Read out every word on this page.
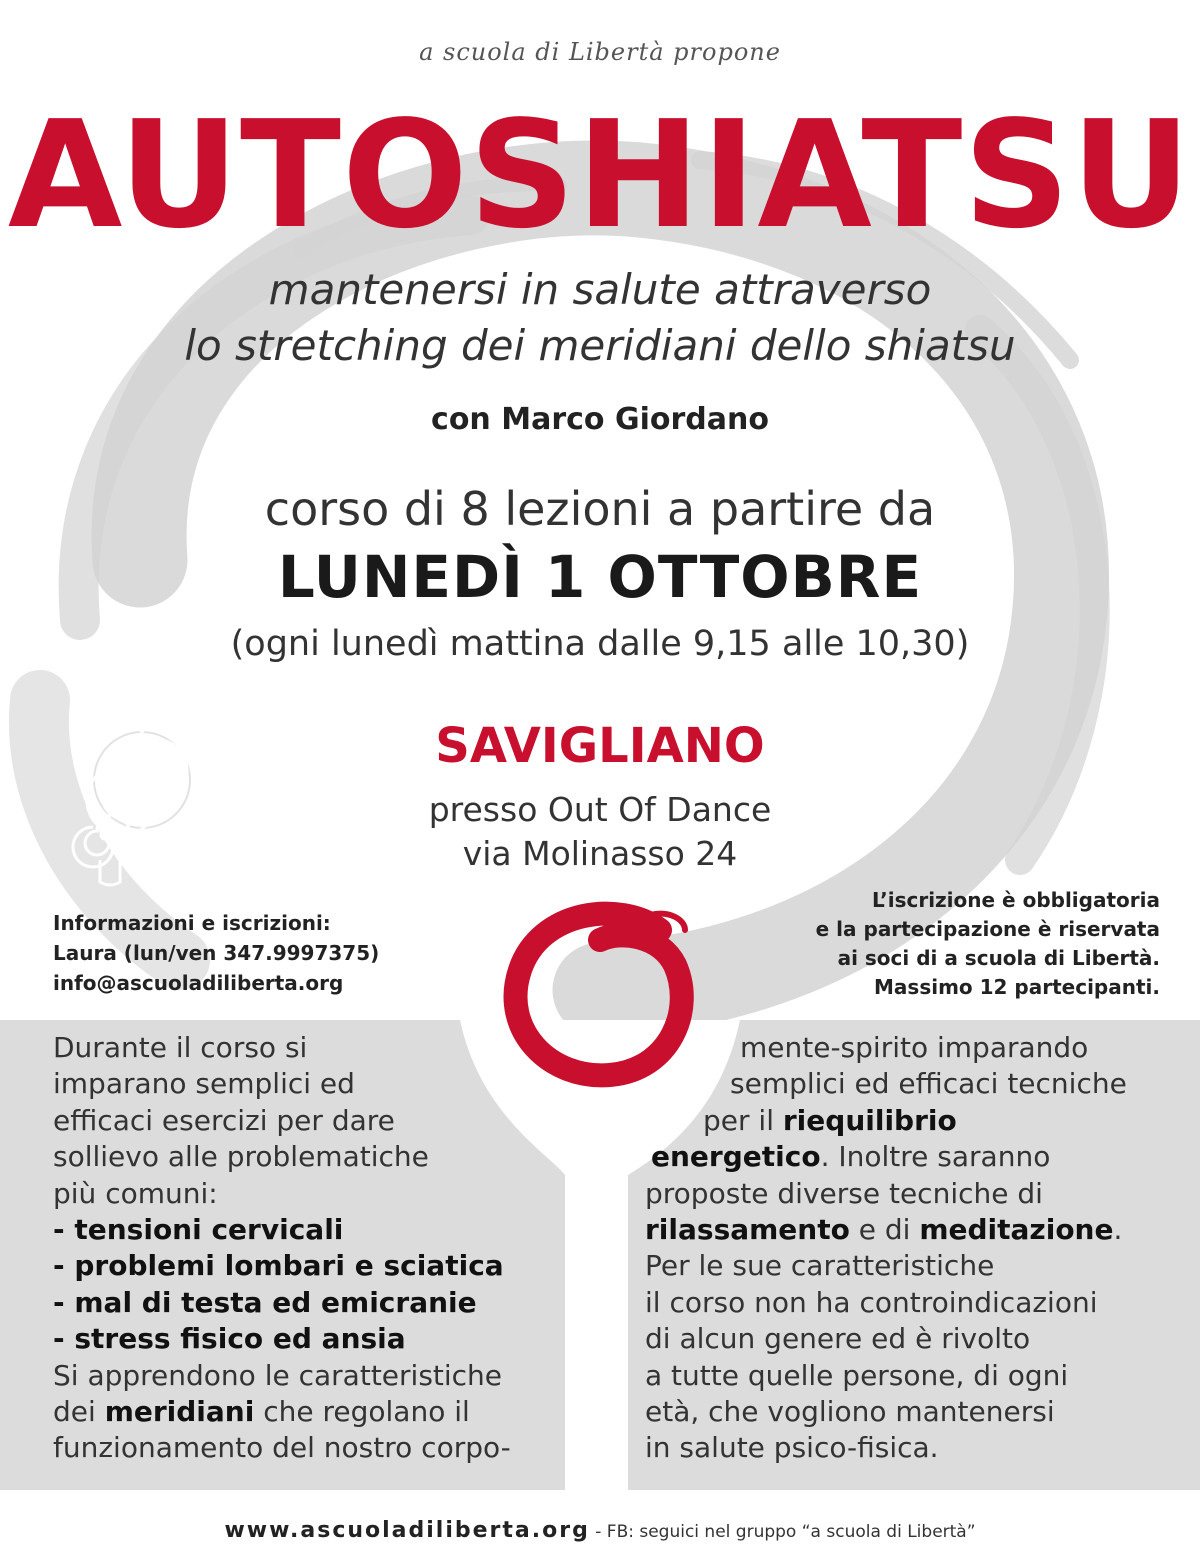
a scuola di Libertà propone
AUTOSHIATSU
mantenersi in salute attraverso
lo stretching dei meridiani dello shiatsu
con Marco Giordano
corso di 8 lezioni a partire da
LUNEDÌ 1 OTTOBRE
(ogni lunedì mattina dalle 9,15 alle 10,30)
SAVIGLIANO
presso Out Of Dance
via Molinasso 24
Informazioni e iscrizioni:
Laura (lun/ven 347.9997375)
info@ascuoladiliberta.org
L’iscrizione è obbligatoria
e la partecipazione è riservata
ai soci di a scuola di Libertà.
Massimo 12 partecipanti.
Durante il corso si
imparano semplici ed
efficaci esercizi per dare
sollievo alle problematiche
più comuni:
- tensioni cervicali
- problemi lombari e sciatica
- mal di testa ed emicranie
- stress fisico ed ansia
Si apprendono le caratteristiche
dei meridiani che regolano il
funzionamento del nostro corpo-
mente-spirito imparando
semplici ed efficaci tecniche
per il riequilibrio
energetico. Inoltre saranno
proposte diverse tecniche di
rilassamento e di meditazione.
Per le sue caratteristiche
il corso non ha controindicazioni
di alcun genere ed è rivolto
a tutte quelle persone, di ogni
età, che vogliono mantenersi
in salute psico-fisica.
www.ascuoladiliberta.org - FB: seguici nel gruppo “a scuola di Libertà”
